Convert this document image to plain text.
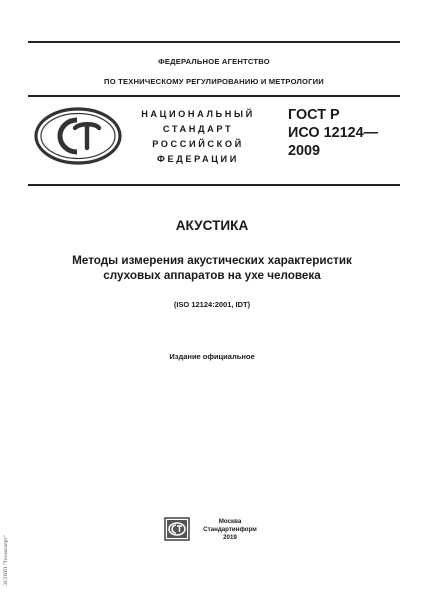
ФЕДЕРАЛЬНОЕ АГЕНТСТВО
ПО ТЕХНИЧЕСКОМУ РЕГУЛИРОВАНИЮ И МЕТРОЛОГИИ
НАЦИОНАЛЬНЫЙ
СТАНДАРТ
РОССИЙСКОЙ
ФЕДЕРАЦИИ
ГОСТ Р
ИСО 12124—
2009
АКУСТИКА
Методы измерения акустических характеристик
слуховых аппаратов на ухе человека
(ISO 12124:2001, IDT)
Издание официальное
Москва
Стандартинформ
2019
ЭСПИП "Техэксперт"
